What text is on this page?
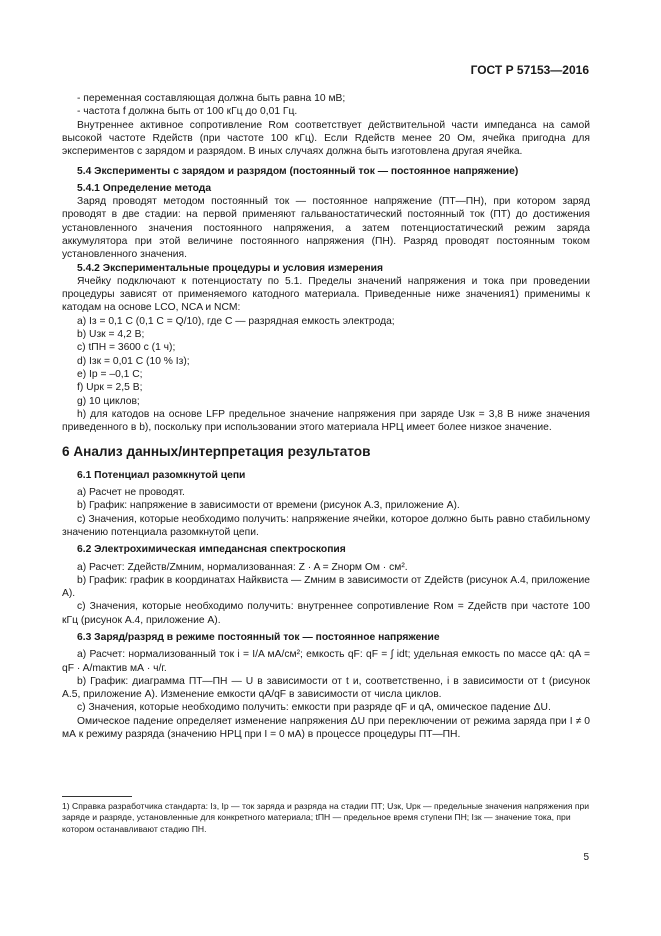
ГОСТ Р 57153—2016

- переменная составляющая должна быть равна 10 мВ;

- частота f должна быть от 100 кГц до 0,01 Гц.

Внутреннее активное сопротивление Rом соответствует действительной части импеданса на самой высокой частоте Rдейств (при частоте 100 кГц). Если Rдейств менее 20 Ом, ячейка пригодна для экспериментов с зарядом и разрядом. В иных случаях должна быть изготовлена другая ячейка.

5.4 Эксперименты с зарядом и разрядом (постоянный ток — постоянное напряжение)

5.4.1 Определение метода

Заряд проводят методом постоянный ток — постоянное напряжение (ПТ—ПН), при котором заряд проводят в две стадии: на первой применяют гальваностатический постоянный ток (ПТ) до достижения установленного значения постоянного напряжения, а затем потенциостатический режим заряда аккумулятора при этой величине постоянного напряжения (ПН). Разряд проводят постоянным током установленного значения.

5.4.2 Экспериментальные процедуры и условия измерения

Ячейку подключают к потенциостату по 5.1. Пределы значений напряжения и тока при проведении процедуры зависят от применяемого катодного материала. Приведенные ниже значения1) применимы к катодам на основе LCO, NCA и NCM:

a) Iз = 0,1 C (0,1 C = Q/10), где C — разрядная емкость электрода;

b) Uзк = 4,2 В;

c) tПН = 3600 с (1 ч);

d) Iзк = 0,01 C (10 % Iз);

e) Iр = –0,1 C;

f) Uрк = 2,5 В;

g) 10 циклов;

h) для катодов на основе LFP предельное значение напряжения при заряде Uзк = 3,8 В ниже значения приведенного в b), поскольку при использовании этого материала НРЦ имеет более низкое значение.

6 Анализ данных/интерпретация результатов

6.1 Потенциал разомкнутой цепи

a) Расчет не проводят.

b) График: напряжение в зависимости от времени (рисунок А.3, приложение А).

c) Значения, которые необходимо получить: напряжение ячейки, которое должно быть равно стабильному значению потенциала разомкнутой цепи.

6.2 Электрохимическая импедансная спектроскопия

a) Расчет: Zдейств/Zмним, нормализованная: Z · A = Zнорм Ом · см².

b) График: график в координатах Найквиста — Zмним в зависимости от Zдейств (рисунок А.4, приложение А).

c) Значения, которые необходимо получить: внутреннее сопротивление Rом = Zдейств при частоте 100 кГц (рисунок А.4, приложение А).

6.3 Заряд/разряд в режиме постоянный ток — постоянное напряжение

a) Расчет: нормализованный ток i = I/A мА/см²; емкость qF: qF = ∫ idt; удельная емкость по массе qA: qA = qF · A/mактив мА · ч/г.

b) График: диаграмма ПТ—ПН — U в зависимости от t и, соответственно, i в зависимости от t (рисунок А.5, приложение А). Изменение емкости qA/qF в зависимости от числа циклов.

c) Значения, которые необходимо получить: емкости при разряде qF и qA, омическое падение ΔU.

Омическое падение определяет изменение напряжения ΔU при переключении от режима заряда при I ≠ 0 мА к режиму разряда (значению НРЦ при I = 0 мА) в процессе процедуры ПТ—ПН.

1) Справка разработчика стандарта: Iз, Iр — ток заряда и разряда на стадии ПТ; Uзк, Uрк — предельные значения напряжения при заряде и разряде, установленные для конкретного материала; tПН — предельное время ступени ПН; Iзк — значение тока, при котором останавливают стадию ПН.

5
